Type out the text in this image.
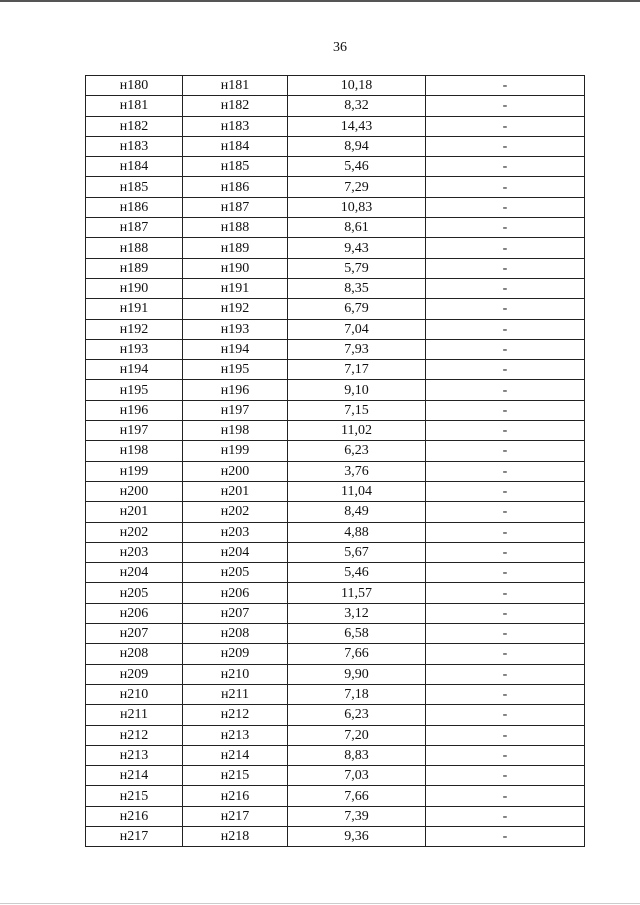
36
н180	н181	10,18	-
н181	н182	8,32	-
н182	н183	14,43	-
н183	н184	8,94	-
н184	н185	5,46	-
н185	н186	7,29	-
н186	н187	10,83	-
н187	н188	8,61	-
н188	н189	9,43	-
н189	н190	5,79	-
н190	н191	8,35	-
н191	н192	6,79	-
н192	н193	7,04	-
н193	н194	7,93	-
н194	н195	7,17	-
н195	н196	9,10	-
н196	н197	7,15	-
н197	н198	11,02	-
н198	н199	6,23	-
н199	н200	3,76	-
н200	н201	11,04	-
н201	н202	8,49	-
н202	н203	4,88	-
н203	н204	5,67	-
н204	н205	5,46	-
н205	н206	11,57	-
н206	н207	3,12	-
н207	н208	6,58	-
н208	н209	7,66	-
н209	н210	9,90	-
н210	н211	7,18	-
н211	н212	6,23	-
н212	н213	7,20	-
н213	н214	8,83	-
н214	н215	7,03	-
н215	н216	7,66	-
н216	н217	7,39	-
н217	н218	9,36	-
